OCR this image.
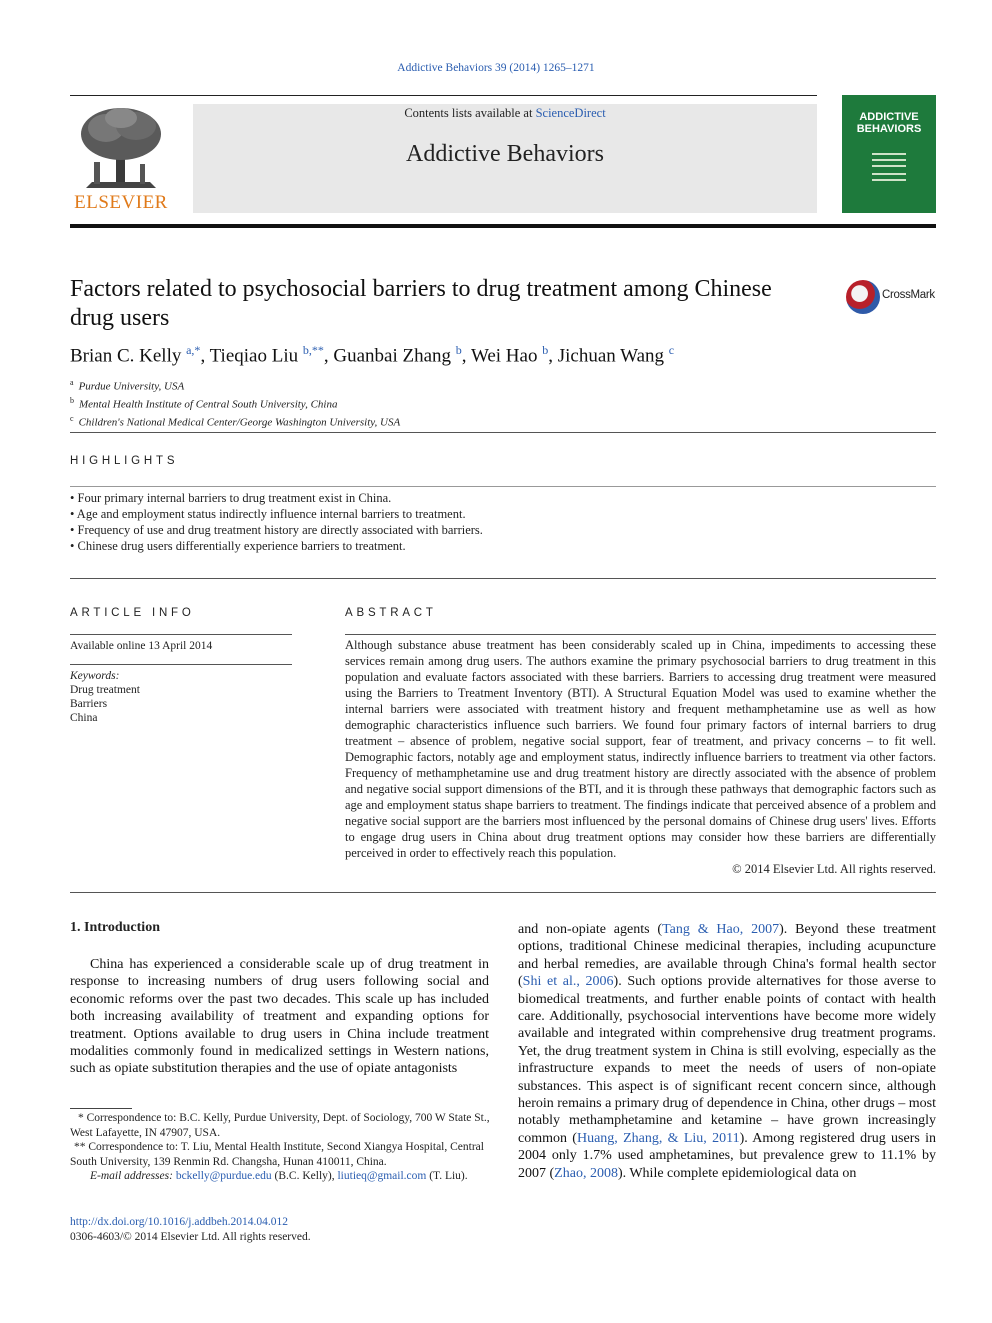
Addictive Behaviors 39 (2014) 1265–1271
ELSEVIER
Contents lists available at ScienceDirect
Addictive Behaviors
ADDICTIVE
BEHAVIORS
Factors related to psychosocial barriers to drug treatment among Chinese
drug users
CrossMark
Brian C. Kelly $^{a,*}$, Tieqiao Liu $^{b,**}$, Guanbai Zhang $^b$, Wei Hao $^b$, Jichuan Wang $^c$
$^a$ Purdue University, USA
$^b$ Mental Health Institute of Central South University, China
$^c$ Children's National Medical Center/George Washington University, USA
HIGHLIGHTS
• Four primary internal barriers to drug treatment exist in China.
• Age and employment status indirectly influence internal barriers to treatment.
• Frequency of use and drug treatment history are directly associated with barriers.
• Chinese drug users differentially experience barriers to treatment.
ARTICLE INFO
Available online 13 April 2014
Keywords:
Drug treatment
Barriers
China
ABSTRACT
Although substance abuse treatment has been considerably scaled up in China, impediments to accessing these services remain among drug users. The authors examine the primary psychosocial barriers to drug treatment in this population and evaluate factors associated with these barriers. Barriers to accessing drug treatment were measured using the Barriers to Treatment Inventory (BTI). A Structural Equation Model was used to examine whether the internal barriers were associated with treatment history and frequent methamphetamine use as well as how demographic characteristics influence such barriers. We found four primary factors of internal barriers to drug treatment – absence of problem, negative social support, fear of treatment, and privacy concerns – to fit well. Demographic factors, notably age and employment status, indirectly influence barriers to treatment via other factors. Frequency of methamphetamine use and drug treatment history are directly associated with the absence of problem and negative social support dimensions of the BTI, and it is through these pathways that demographic factors such as age and employment status shape barriers to treatment. The findings indicate that perceived absence of a problem and negative social support are the barriers most influenced by the personal domains of Chinese drug users' lives. Efforts to engage drug users in China about drug treatment options may consider how these barriers are differentially perceived in order to effectively reach this population.
© 2014 Elsevier Ltd. All rights reserved.
1. Introduction
China has experienced a considerable scale up of drug treatment in response to increasing numbers of drug users following social and economic reforms over the past two decades. This scale up has included both increasing availability of treatment and expanding options for treatment. Options available to drug users in China include treatment modalities commonly found in medicalized settings in Western nations, such as opiate substitution therapies and the use of opiate antagonists
and non-opiate agents (Tang & Hao, 2007). Beyond these treatment options, traditional Chinese medicinal therapies, including acupuncture and herbal remedies, are available through China's formal health sector (Shi et al., 2006). Such options provide alternatives for those averse to biomedical treatments, and further enable points of contact with health care. Additionally, psychosocial interventions have become more widely available and integrated within comprehensive drug treatment programs. Yet, the drug treatment system in China is still evolving, especially as the infrastructure expands to meet the needs of users of non-opiate substances. This aspect is of significant recent concern since, although heroin remains a primary drug of dependence in China, other drugs – most notably methamphetamine and ketamine – have grown increasingly common (Huang, Zhang, & Liu, 2011). Among registered drug users in 2004 only 1.7% used amphetamines, but prevalence grew to 11.1% by 2007 (Zhao, 2008). While complete epidemiological data on
* Correspondence to: B.C. Kelly, Purdue University, Dept. of Sociology, 700 W State St., West Lafayette, IN 47907, USA.
** Correspondence to: T. Liu, Mental Health Institute, Second Xiangya Hospital, Central South University, 139 Renmin Rd. Changsha, Hunan 410011, China.
E-mail addresses: bckelly@purdue.edu (B.C. Kelly), liutieq@gmail.com (T. Liu).
http://dx.doi.org/10.1016/j.addbeh.2014.04.012
0306-4603/© 2014 Elsevier Ltd. All rights reserved.
